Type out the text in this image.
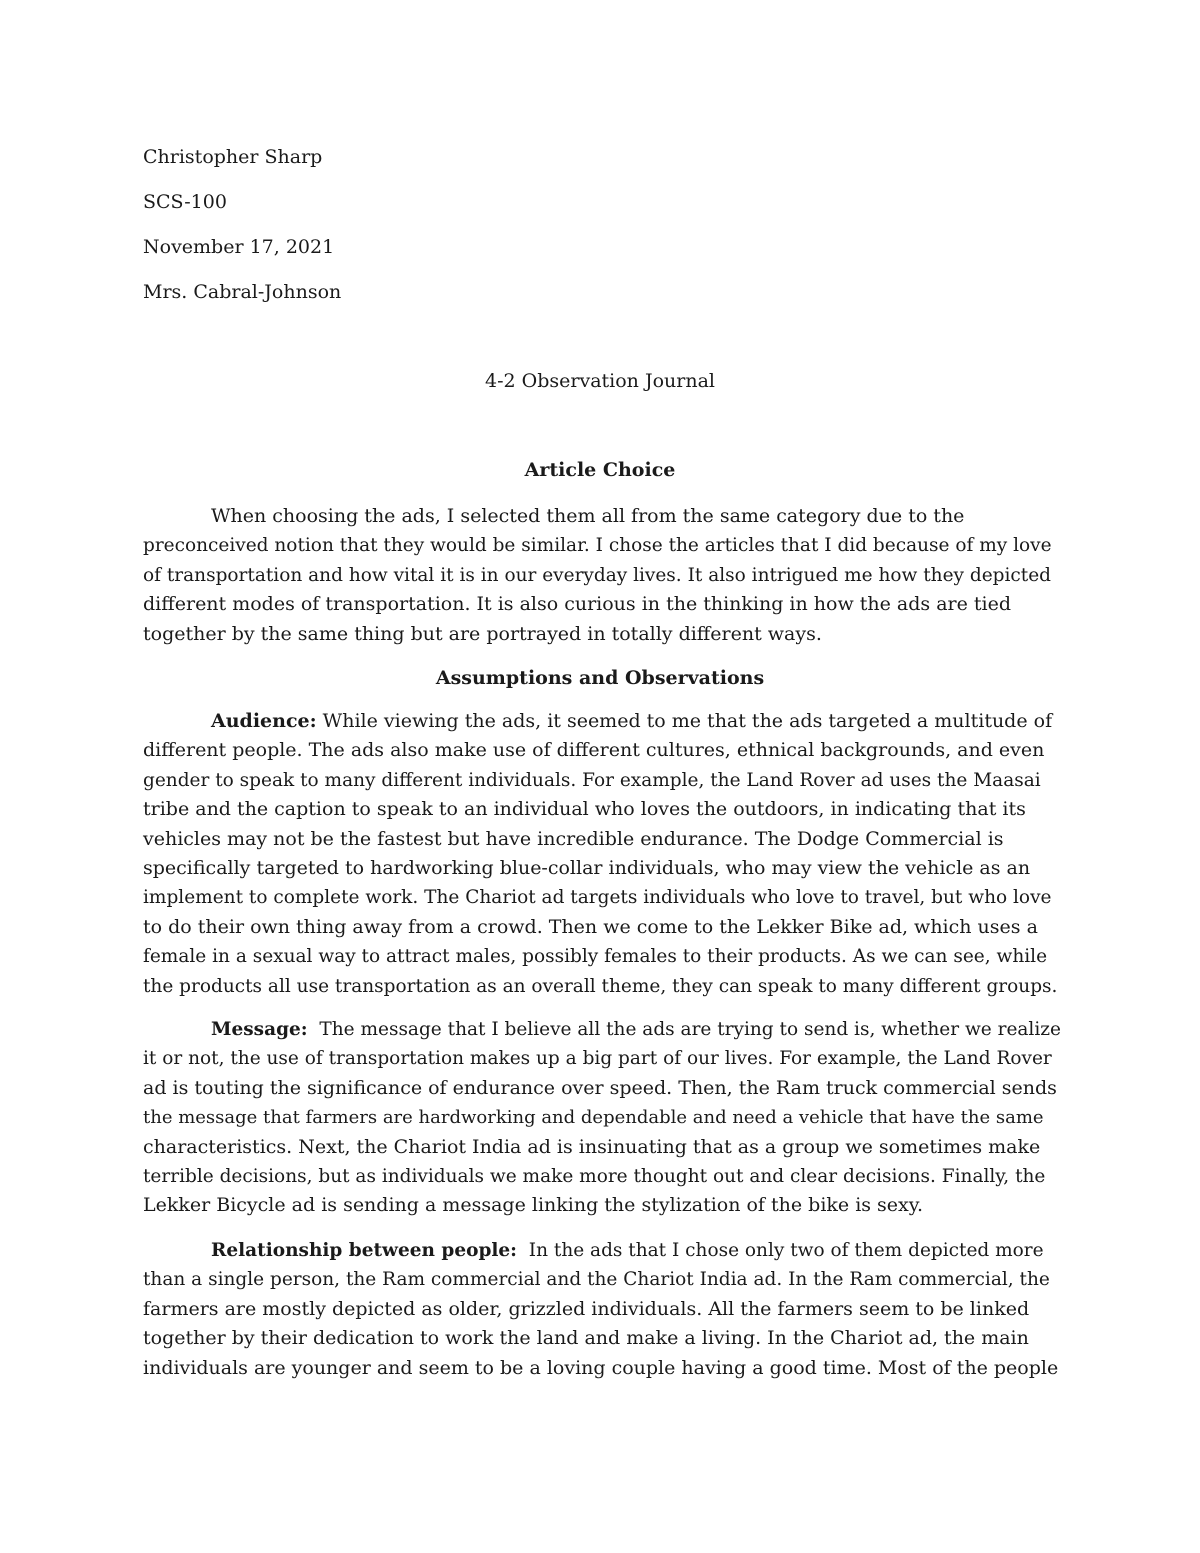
Christopher Sharp
SCS-100
November 17, 2021
Mrs. Cabral-Johnson
4-2 Observation Journal
Article Choice
When choosing the ads, I selected them all from the same category due to the
preconceived notion that they would be similar. I chose the articles that I did because of my love
of transportation and how vital it is in our everyday lives. It also intrigued me how they depicted
different modes of transportation. It is also curious in the thinking in how the ads are tied
together by the same thing but are portrayed in totally different ways.
Assumptions and Observations
Audience: While viewing the ads, it seemed to me that the ads targeted a multitude of
different people. The ads also make use of different cultures, ethnical backgrounds, and even
gender to speak to many different individuals. For example, the Land Rover ad uses the Maasai
tribe and the caption to speak to an individual who loves the outdoors, in indicating that its
vehicles may not be the fastest but have incredible endurance. The Dodge Commercial is
specifically targeted to hardworking blue-collar individuals, who may view the vehicle as an
implement to complete work. The Chariot ad targets individuals who love to travel, but who love
to do their own thing away from a crowd. Then we come to the Lekker Bike ad, which uses a
female in a sexual way to attract males, possibly females to their products. As we can see, while
the products all use transportation as an overall theme, they can speak to many different groups.
Message:  The message that I believe all the ads are trying to send is, whether we realize
it or not, the use of transportation makes up a big part of our lives. For example, the Land Rover
ad is touting the significance of endurance over speed. Then, the Ram truck commercial sends
the message that farmers are hardworking and dependable and need a vehicle that have the same
characteristics. Next, the Chariot India ad is insinuating that as a group we sometimes make
terrible decisions, but as individuals we make more thought out and clear decisions. Finally, the
Lekker Bicycle ad is sending a message linking the stylization of the bike is sexy.
Relationship between people:  In the ads that I chose only two of them depicted more
than a single person, the Ram commercial and the Chariot India ad. In the Ram commercial, the
farmers are mostly depicted as older, grizzled individuals. All the farmers seem to be linked
together by their dedication to work the land and make a living. In the Chariot ad, the main
individuals are younger and seem to be a loving couple having a good time. Most of the people
